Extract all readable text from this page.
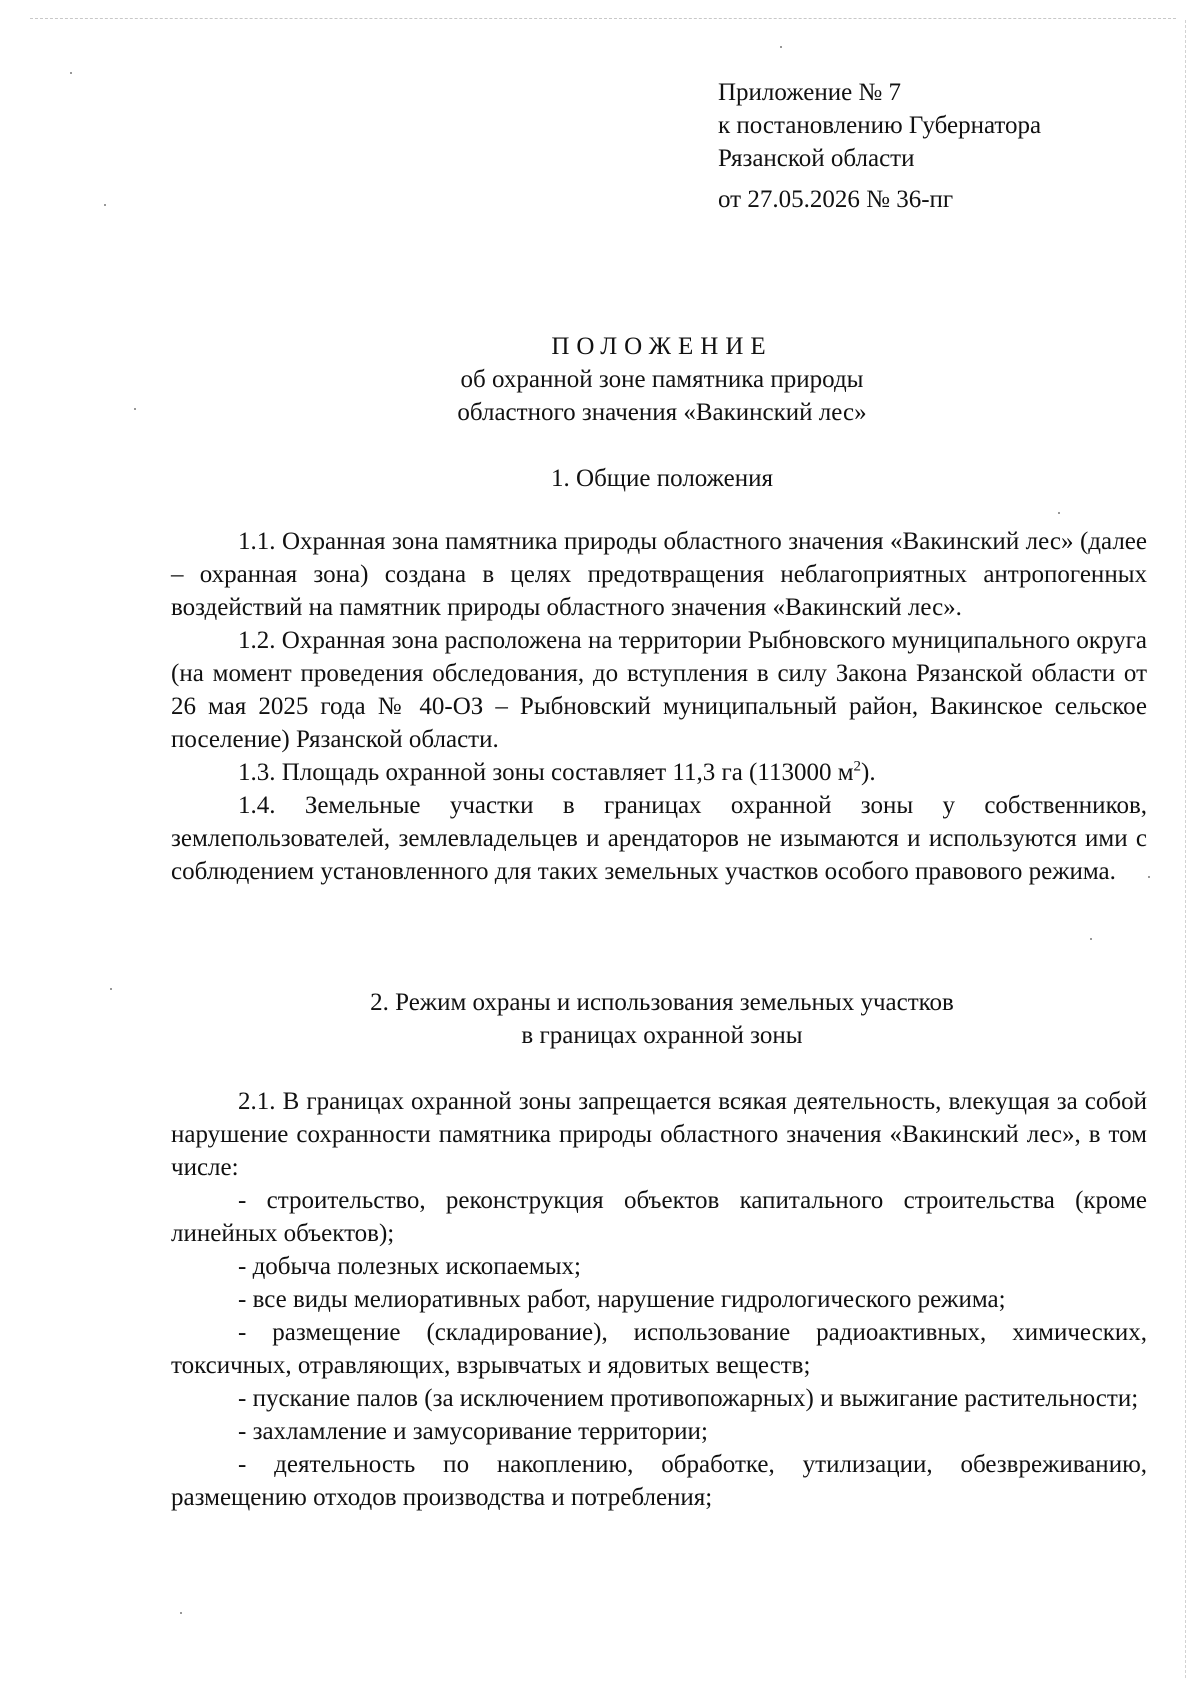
Приложение № 7
к постановлению Губернатора
Рязанской области
от 27.05.2026 № 36-пг
ПОЛОЖЕНИЕ
об охранной зоне памятника природы
областного значения «Вакинский лес»
1. Общие положения

1.1. Охранная зона памятника природы областного значения «Вакинский лес» (далее – охранная зона) создана в целях предотвращения неблагоприятных антропогенных воздействий на памятник природы областного значения «Вакинский лес».

1.2. Охранная зона расположена на территории Рыбновского муниципального округа (на момент проведения обследования, до вступления в силу Закона Рязанской области от 26 мая 2025 года № 40-ОЗ – Рыбновский муниципальный район, Вакинское сельское поселение) Рязанской области.

1.3. Площадь охранной зоны составляет 11,3 га (113000 $м^2$).

1.4. Земельные участки в границах охранной зоны у собственников, землепользователей, землевладельцев и арендаторов не изымаются и используются ими с соблюдением установленного для таких земельных участков особого правового режима.

2. Режим охраны и использования земельных участков
в границах охранной зоны

2.1. В границах охранной зоны запрещается всякая деятельность, влекущая за собой нарушение сохранности памятника природы областного значения «Вакинский лес», в том числе:

- строительство, реконструкция объектов капитального строительства (кроме линейных объектов);

- добыча полезных ископаемых;

- все виды мелиоративных работ, нарушение гидрологического режима;

- размещение (складирование), использование радиоактивных, химических, токсичных, отравляющих, взрывчатых и ядовитых веществ;

- пускание палов (за исключением противопожарных) и выжигание растительности;

- захламление и замусоривание территории;

- деятельность по накоплению, обработке, утилизации, обезвреживанию, размещению отходов производства и потребления;
